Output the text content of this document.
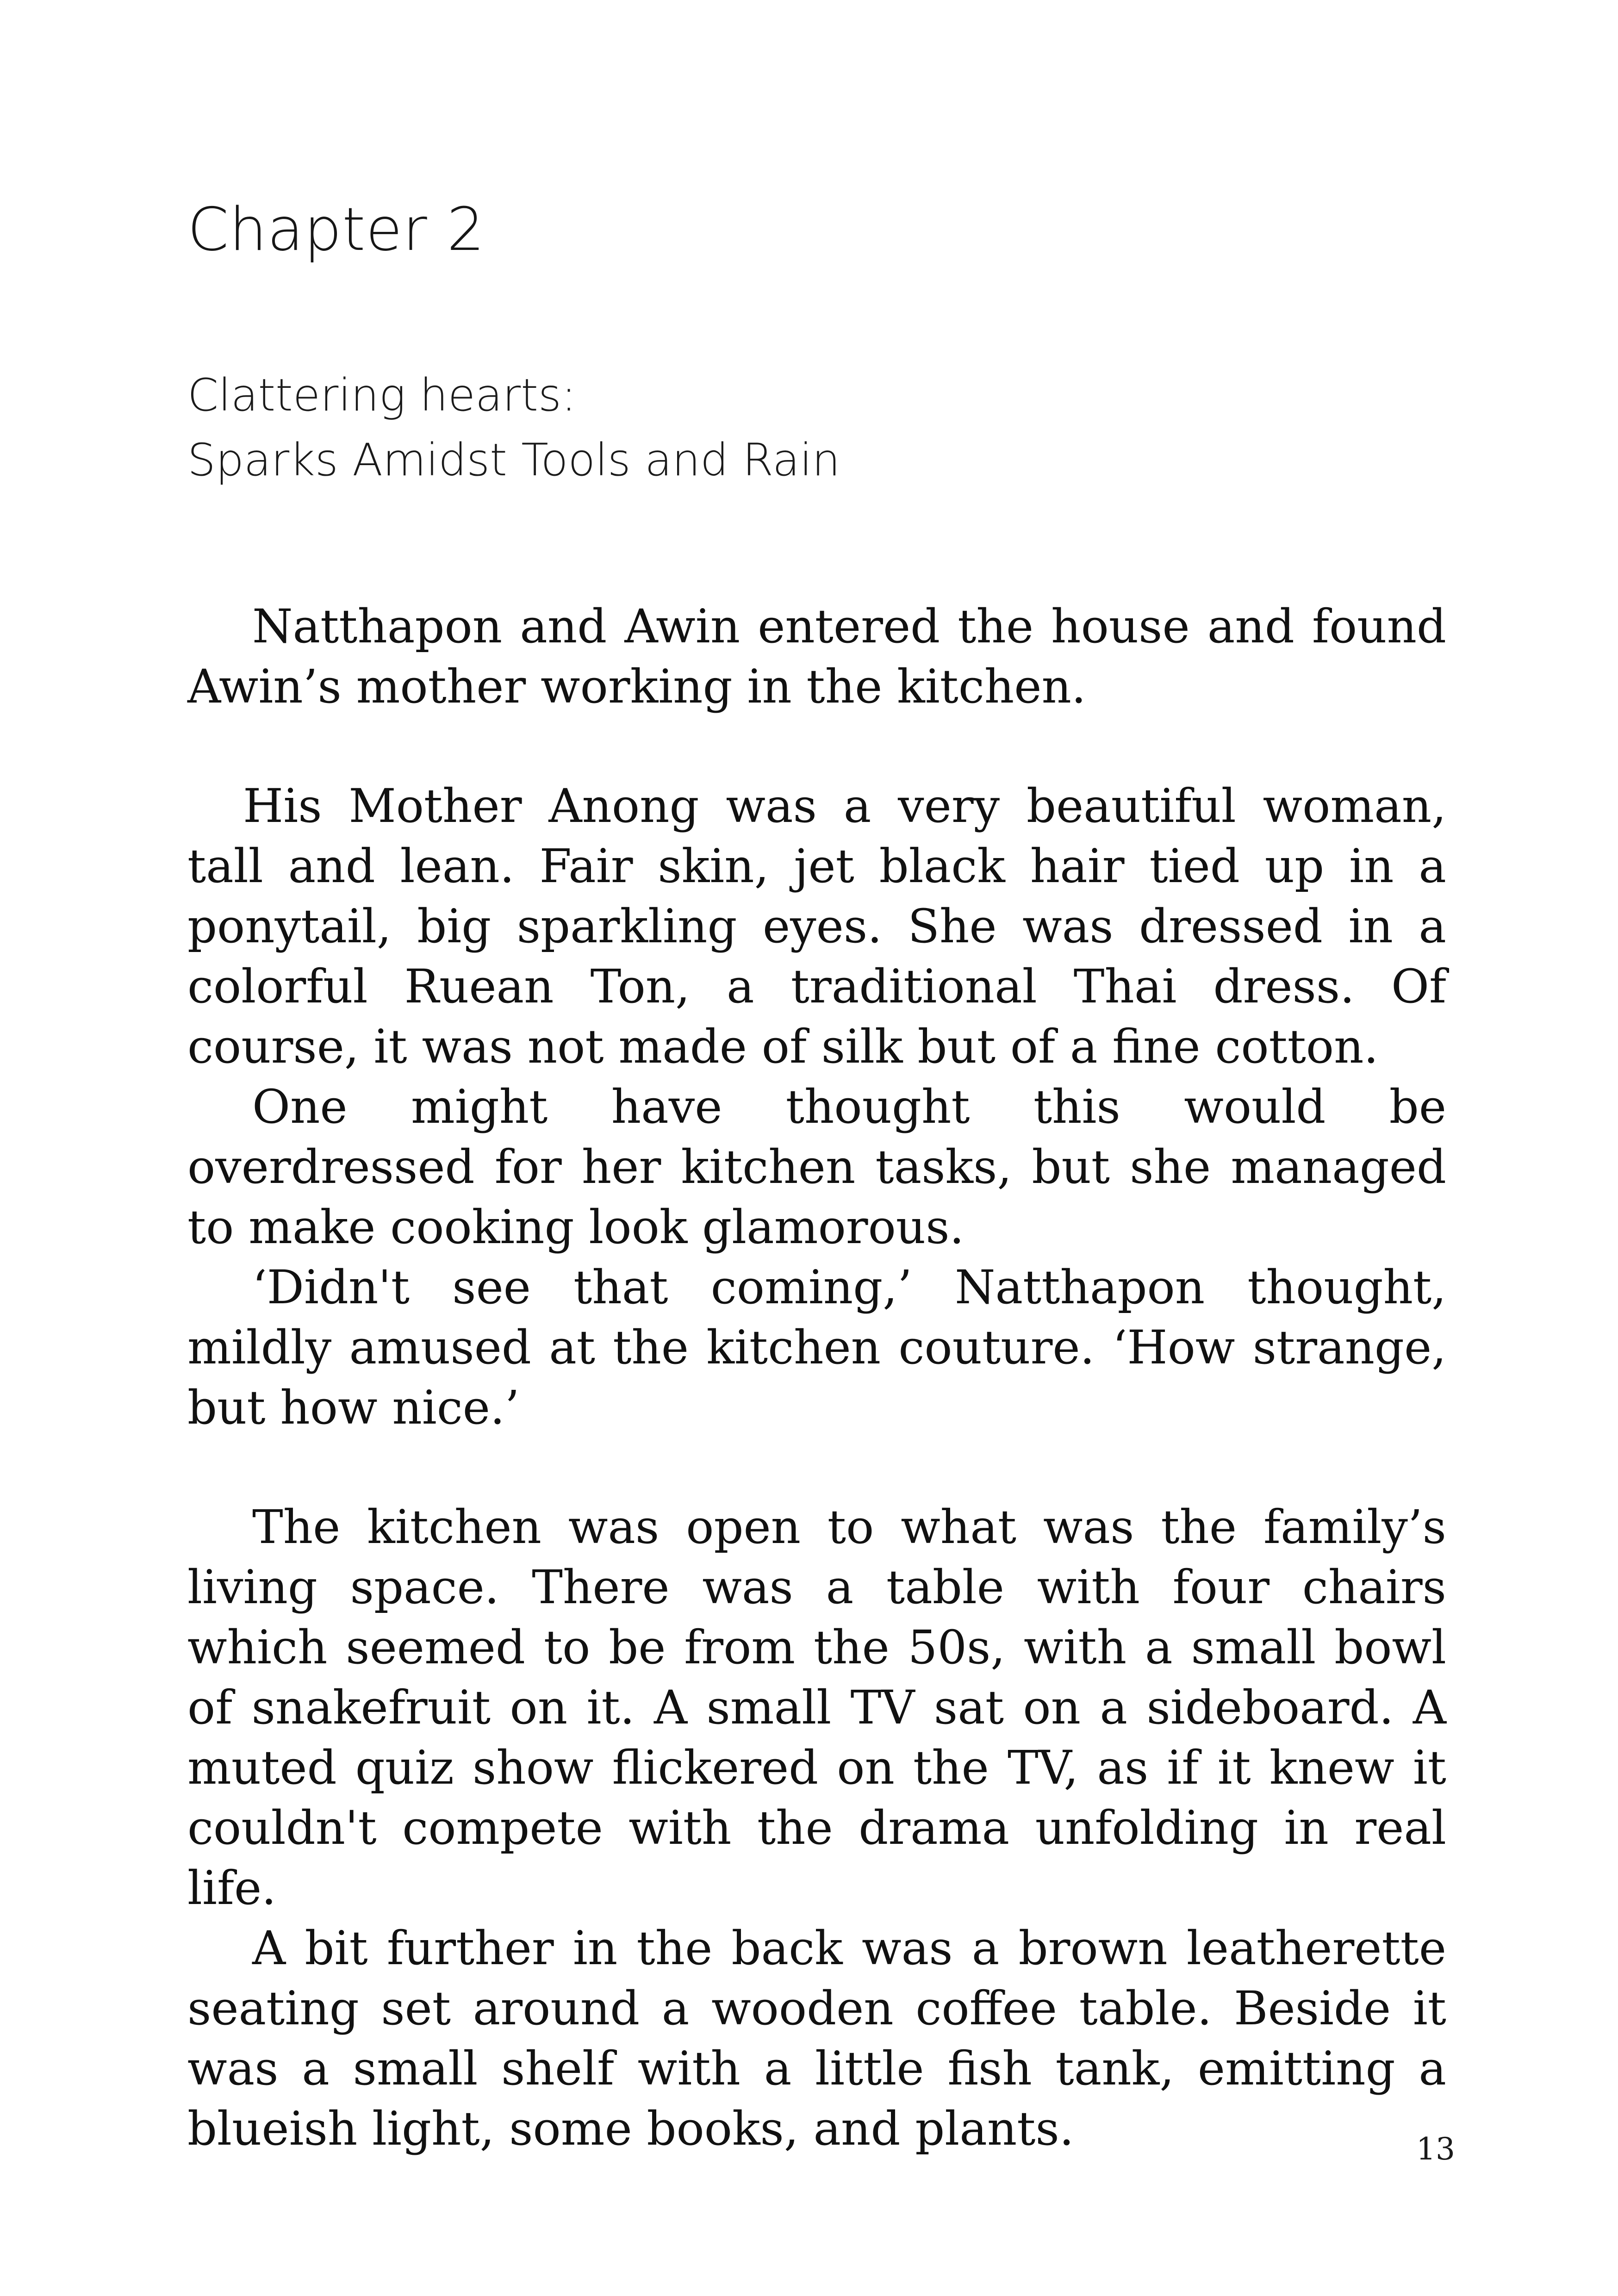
Chapter 2
Clattering hearts:
Sparks Amidst Tools and Rain

Natthapon and Awin entered the house and found Awin’s mother working in the kitchen.

His Mother Anong was a very beautiful woman, tall and lean. Fair skin, jet black hair tied up in a ponytail, big sparkling eyes. She was dressed in a colorful Ruean Ton, a traditional Thai dress. Of course, it was not made of silk but of a fine cotton.

One might have thought this would be overdressed for her kitchen tasks, but she managed to make cooking look glamorous.

‘Didn't see that coming,’ Natthapon thought, mildly amused at the kitchen couture. ‘How strange, but how nice.’

The kitchen was open to what was the family’s living space. There was a table with four chairs which seemed to be from the 50s, with a small bowl of snakefruit on it. A small TV sat on a sideboard. A muted quiz show flickered on the TV, as if it knew it couldn't compete with the drama unfolding in real life.

A bit further in the back was a brown leatherette seating set around a wooden coffee table. Beside it was a small shelf with a little fish tank, emitting a blueish light, some books, and plants.	13
